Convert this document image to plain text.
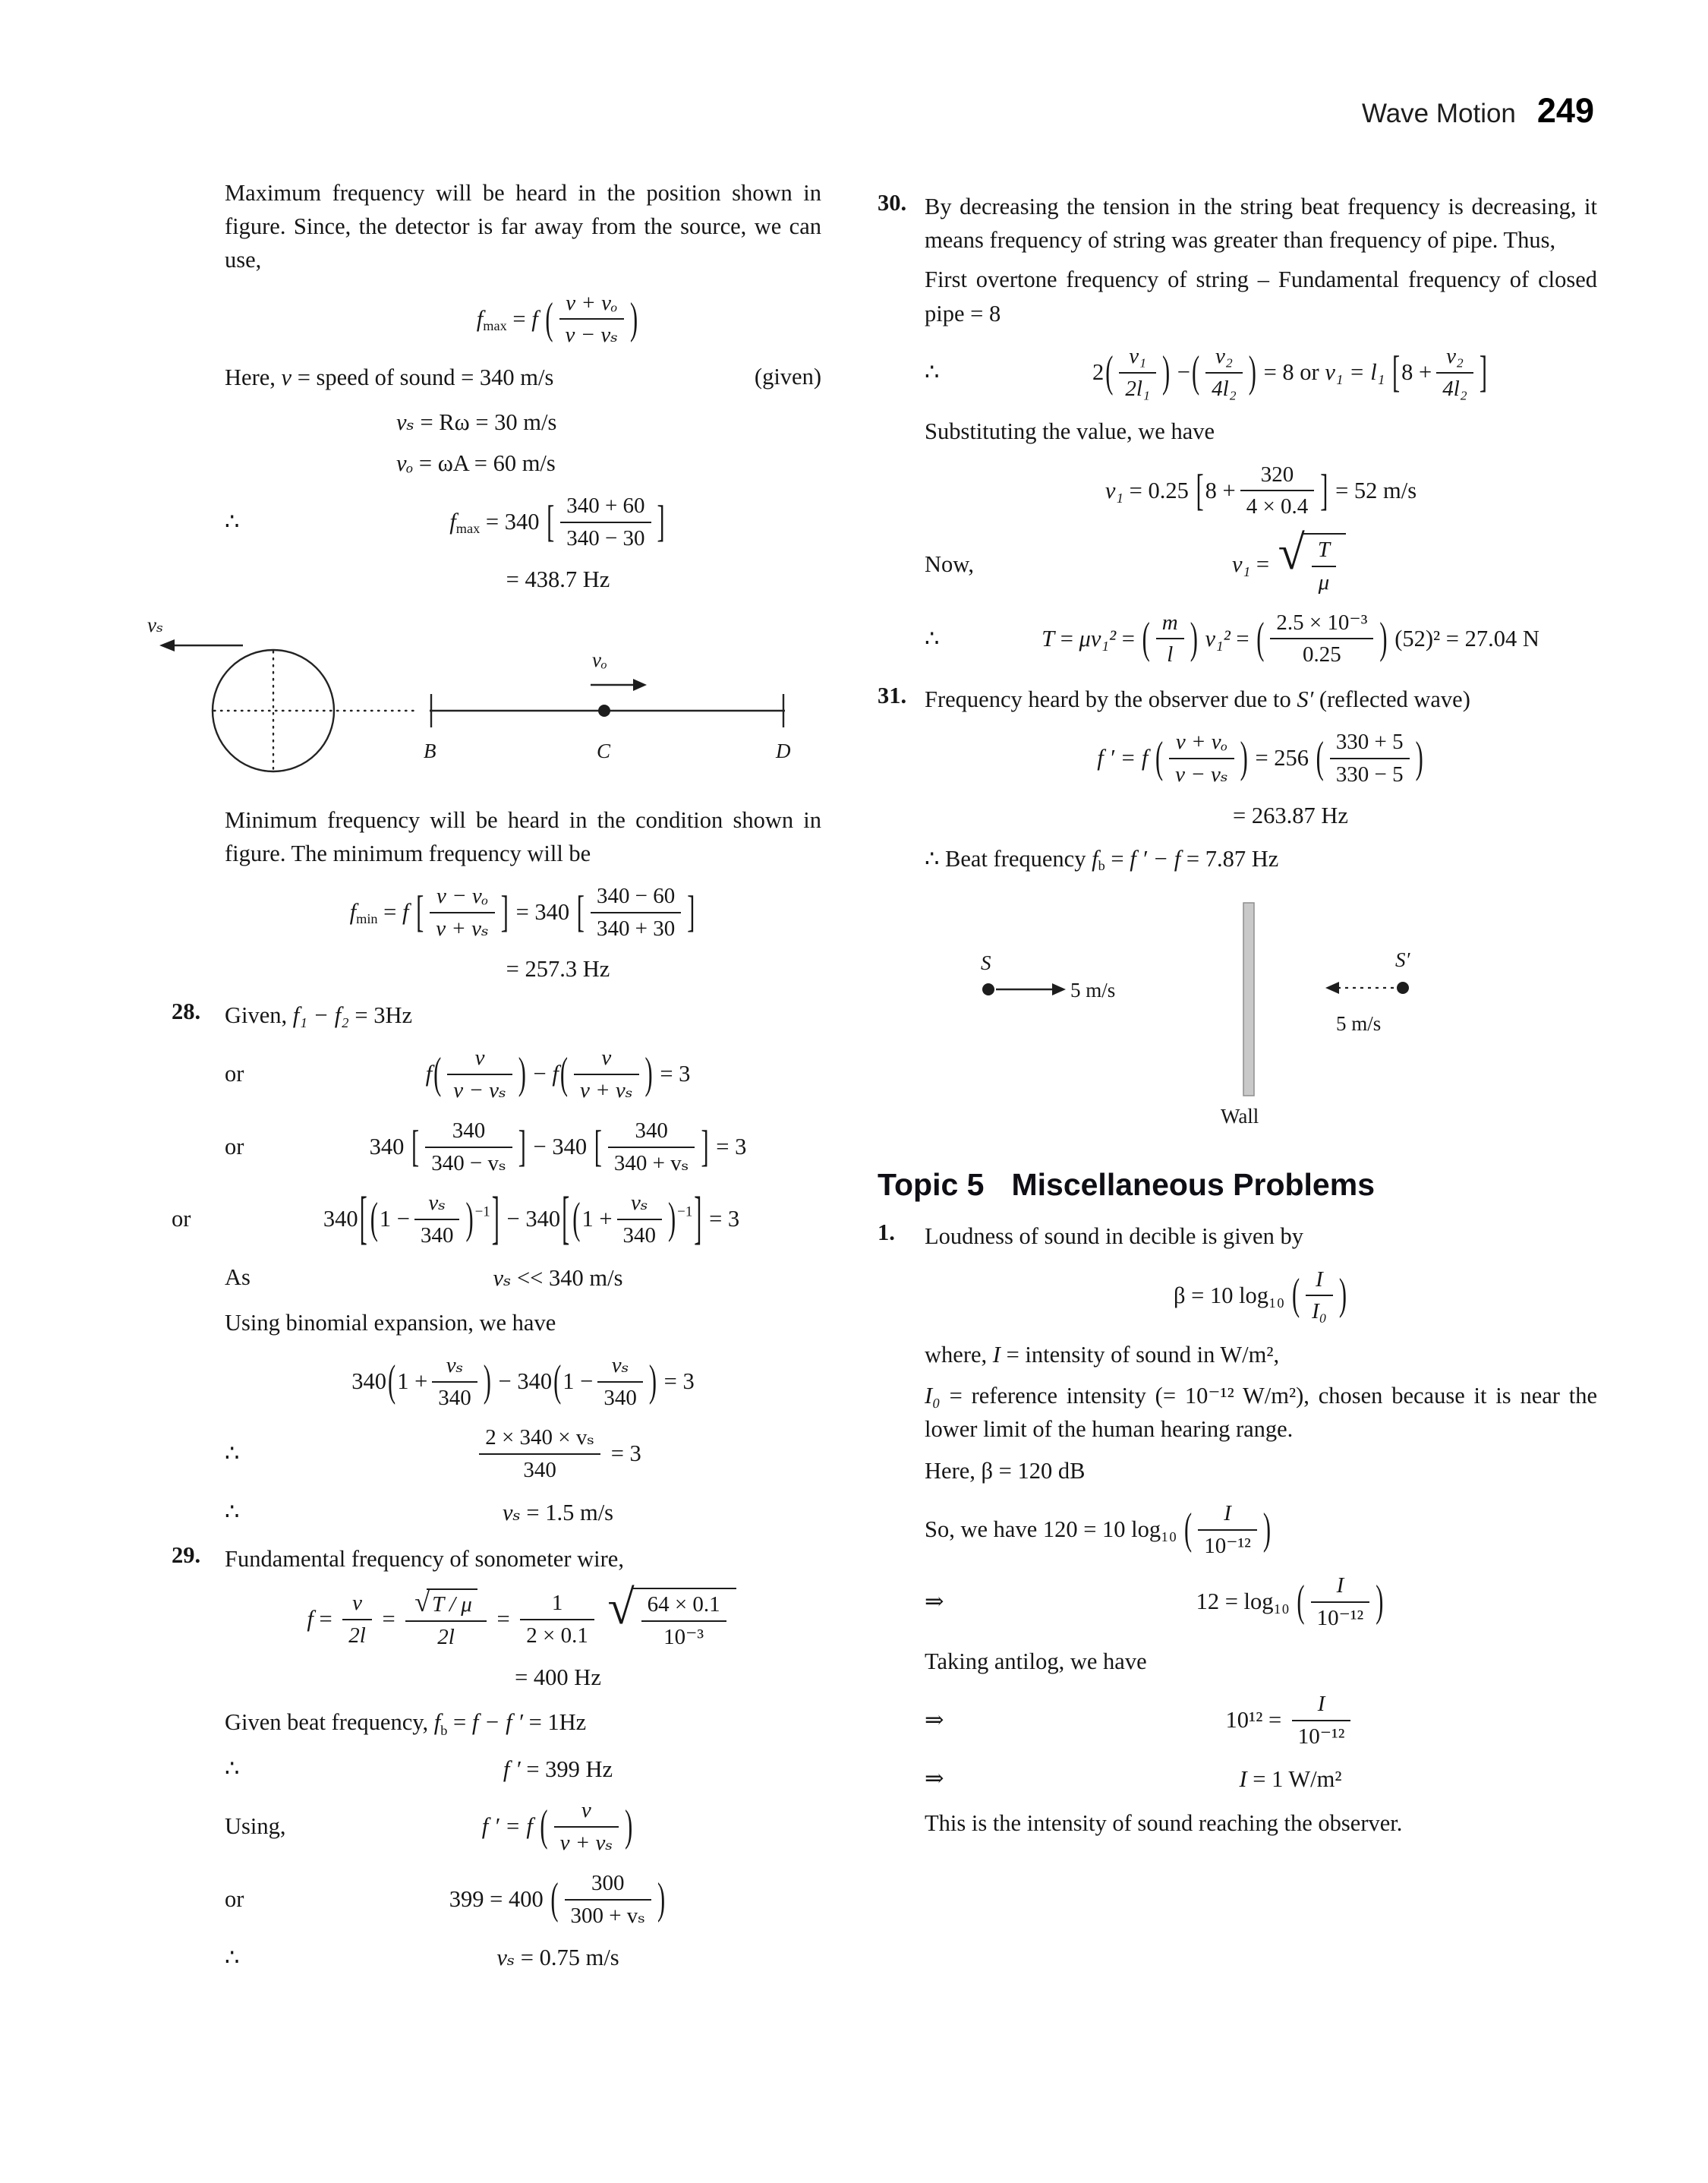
Wave Motion 249

Maximum frequency will be heard in the position shown in figure. Since, the detector is far away from the source, we can use,

$f_{max} = f$ ( $\frac{\text{v + vₒ}}{\text{v − vₛ}}$ )
Here, v = speed of sound = 340 m/s	(given)
vₛ = Rω = 30 m/s
vₒ = ωA = 60 m/s
∴	$f_{max} = 340$ [ $\frac{340 + 60}{340 - 30}$ ]
= 438.7 Hz
vₛ
vₒ
B	C	D

Minimum frequency will be heard in the condition shown in figure. The minimum frequency will be

$f_{min} = f$ [ $\frac{\text{v − vₒ}}{\text{v + vₛ}}$ ] = 340 [ $\frac{340 - 60}{340 + 30}$ ]
= 257.3 Hz
28.	Given, f₁ − f₂ = 3Hz
or	$f( \frac{v}{\text{v − vₛ}}$ ) − $f( \frac{v}{\text{v + vₛ}}$ ) = 3
or	340 [ $\frac{340}{\text{340 − vₛ}}$ ] − 340 [ $\frac{340}{\text{340 + vₛ}}$ ] = 3
or	340[ ($1 - \frac{\text{vₛ}}{340}$ ) $^{-1}$] − 340[ ($1 + \frac{\text{vₛ}}{340}$ ) $^{-1}$] = 3
As	vₛ << 340 m/s

Using binomial expansion, we have

$340(1 + \frac{\text{vₛ}}{340}$ ) − $340(1 - \frac{\text{vₛ}}{340}$ ) = 3
∴	$\frac{\text{2 × 340 × vₛ}}{340} = 3$
∴	vₛ = 1.5 m/s
29.	Fundamental frequency of sonometer wire,
$f = \frac{v}{2l} = \frac{√ T / \mu}{2l} = \frac{1}{2 \times 0.1}$
√ $\frac{64 \times 0.1}{\text{10⁻³}}$
= 400 Hz
Given beat frequency, $f_b = f - f$ ′ = 1Hz
∴	f ′ = 399 Hz
Using,	f ′ = f ( $\frac{v}{\text{v + vₛ}}$ )
or	399 = 400 ( $\frac{300}{\text{300 + vₛ}}$ )
∴	vₛ = 0.75 m/s
30. By decreasing the tension in the string beat frequency is decreasing, it means frequency of string was greater than frequency of pipe. Thus,

First overtone frequency of string – Fundamental frequency of closed pipe = 8

∴	$2( \frac{\text{v₁}}{\text{2l₁}}$ ) −( $\frac{\text{v₂}}{\text{4l₂}}$ ) = 8 or v₁ = l₁ [$8 + \frac{\text{v₂}}{\text{4l₂}}$ ]

Substituting the value, we have

v₁ = 0.25 [$8 + \frac{320}{4 \times 0.4}$ ] = 52 m/s
Now,	v₁ = √ $\frac{T}{\mu}$
∴	T = μv₁² = ( $\frac{m}{l}$ ) v₁² = ( $\frac{\text{2.5 × 10⁻³}}{0.25}$ ) (52)² = 27.04 N
31. Frequency heard by the observer due to S′ (reflected wave)
f ′ = f ( $\frac{\text{v + vₒ}}{\text{v − vₛ}}$ ) = 256 ( $\frac{330 + 5}{330 - 5}$ )
= 263.87 Hz
∴ Beat frequency $f_b = f$ ′ − f = 7.87 Hz
S
5 m/s
S′
5 m/s
Wall
Topic 5 Miscellaneous Problems
1.	Loudness of sound in decible is given by
β = 10 log₁₀ ( $\frac{I}{\text{I₀}}$ )
where, I = intensity of sound in W/m²,
I₀ = reference intensity (= 10⁻¹² W/m²), chosen because it is near the lower limit of the human hearing range.
Here, β = 120 dB
So, we have 120 = 10 log₁₀ ( $\frac{I}{\text{10⁻¹²}}$ )
⇒	12 = log₁₀ ( $\frac{I}{\text{10⁻¹²}}$ )

Taking antilog, we have

⇒	$10^{12} = \frac{I}{\text{10⁻¹²}}$
⇒	I = 1 W/m²

This is the intensity of sound reaching the observer.
